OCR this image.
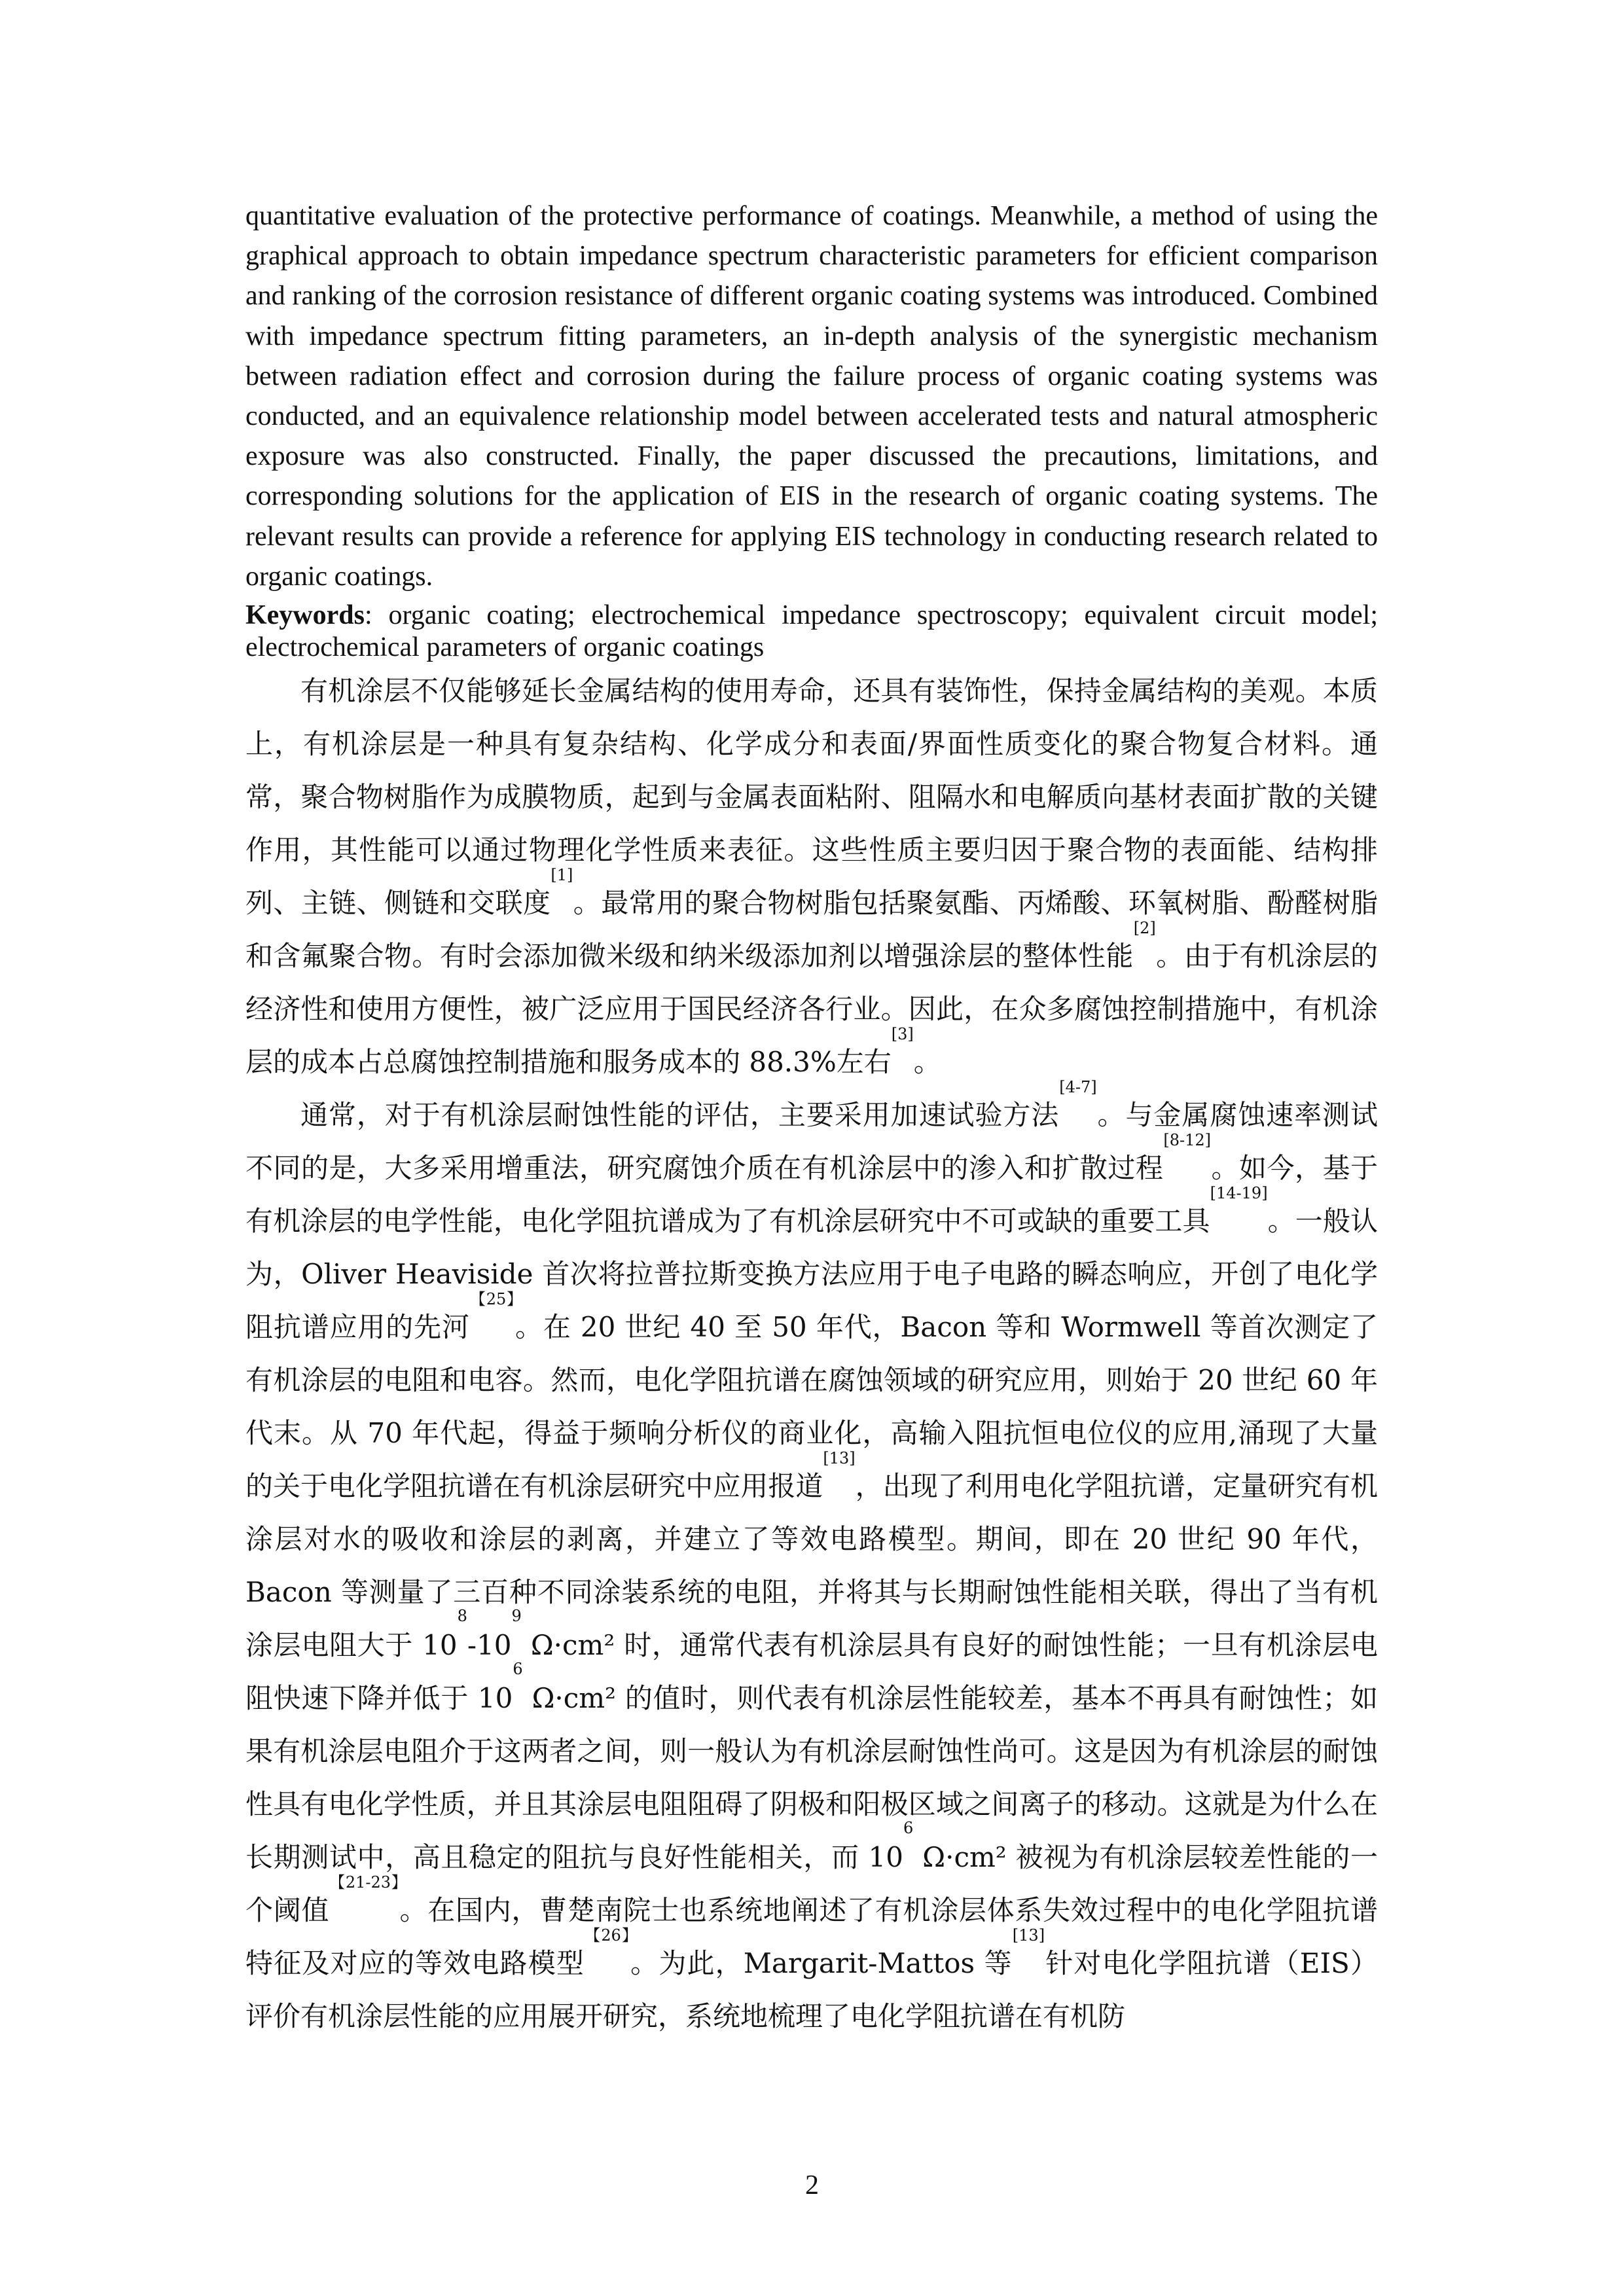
quantitative evaluation of the protective performance of coatings. Meanwhile, a method of using the graphical approach to obtain impedance spectrum characteristic parameters for efficient comparison and ranking of the corrosion resistance of different organic coating systems was introduced. Combined with impedance spectrum fitting parameters, an in-depth analysis of the synergistic mechanism between radiation effect and corrosion during the failure process of organic coating systems was conducted, and an equivalence relationship model between accelerated tests and natural atmospheric exposure was also constructed. Finally, the paper discussed the precautions, limitations, and corresponding solutions for the application of EIS in the research of organic coating systems. The relevant results can provide a reference for applying EIS technology in conducting research related to organic coatings.

Keywords: organic coating; electrochemical impedance spectroscopy; equivalent circuit model; electrochemical parameters of organic coatings

有机涂层不仅能够延长金属结构的使用寿命，还具有装饰性，保持金属结构的美观。本质上，有机涂层是一种具有复杂结构、化学成分和表面/界面性质变化的聚合物复合材料。通常，聚合物树脂作为成膜物质，起到与金属表面粘附、阻隔水和电解质向基材表面扩散的关键作用，其性能可以通过物理化学性质来表征。这些性质主要归因于聚合物的表面能、结构排列、主链、侧链和交联度[1]。最常用的聚合物树脂包括聚氨酯、丙烯酸、环氧树脂、酚醛树脂和含氟聚合物。有时会添加微米级和纳米级添加剂以增强涂层的整体性能[2]。由于有机涂层的经济性和使用方便性，被广泛应用于国民经济各行业。因此，在众多腐蚀控制措施中，有机涂层的成本占总腐蚀控制措施和服务成本的 88.3%左右[3]。

通常，对于有机涂层耐蚀性能的评估，主要采用加速试验方法[4-7]。与金属腐蚀速率测试不同的是，大多采用增重法，研究腐蚀介质在有机涂层中的渗入和扩散过程[8-12]。如今，基于有机涂层的电学性能，电化学阻抗谱成为了有机涂层研究中不可或缺的重要工具[14-19]。一般认为，Oliver Heaviside 首次将拉普拉斯变换方法应用于电子电路的瞬态响应，开创了电化学阻抗谱应用的先河$^{【25】}$。在 20 世纪 40 至 50 年代，Bacon 等和 Wormwell 等首次测定了有机涂层的电阻和电容。然而，电化学阻抗谱在腐蚀领域的研究应用，则始于 20 世纪 60 年代末。从 70 年代起，得益于频响分析仪的商业化，高输入阻抗恒电位仪的应用,涌现了大量的关于电化学阻抗谱在有机涂层研究中应用报道[13]，出现了利用电化学阻抗谱，定量研究有机涂层对水的吸收和涂层的剥离，并建立了等效电路模型。期间，即在 20 世纪 90 年代，Bacon 等测量了三百种不同涂装系统的电阻，并将其与长期耐蚀性能相关联，得出了当有机涂层电阻大于 $10^8-10^9$ Ω·cm² 时，通常代表有机涂层具有良好的耐蚀性能；一旦有机涂层电阻快速下降并低于 $10^6$ Ω·cm² 的值时，则代表有机涂层性能较差，基本不再具有耐蚀性；如果有机涂层电阻介于这两者之间，则一般认为有机涂层耐蚀性尚可。这是因为有机涂层的耐蚀性具有电化学性质，并且其涂层电阻阻碍了阴极和阳极区域之间离子的移动。这就是为什么在长期测试中，高且稳定的阻抗与良好性能相关，而 $10^6$ Ω·cm² 被视为有机涂层较差性能的一个阈值$^{【21-23】}$。在国内，曹楚南院士也系统地阐述了有机涂层体系失效过程中的电化学阻抗谱特征及对应的等效电路模型$^{【26】}$。为此，Margarit-Mattos 等[13]针对电化学阻抗谱（EIS）评价有机涂层性能的应用展开研究，系统地梳理了电化学阻抗谱在有机防

2
